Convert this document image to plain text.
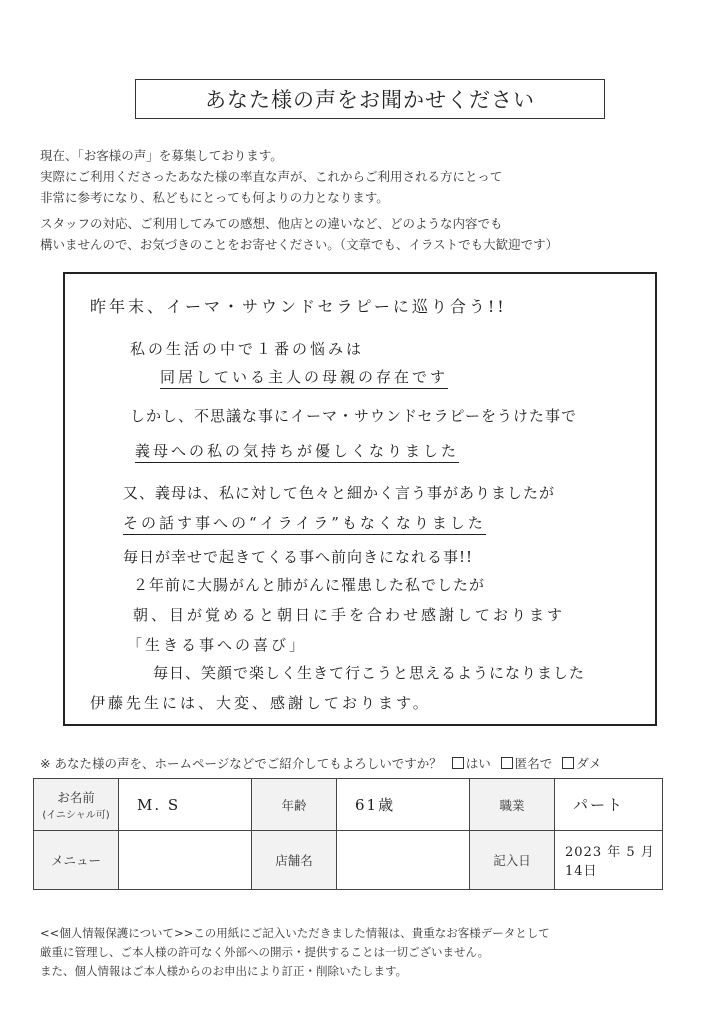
あなた様の声をお聞かせください

現在、「お客様の声」を募集しております。

実際にご利用くださったあなた様の率直な声が、これからご利用される方にとって

非常に参考になり、私どもにとっても何よりの力となります。

スタッフの対応、ご利用してみての感想、他店との違いなど、どのような内容でも

構いませんので、お気づきのことをお寄せください。（文章でも、イラストでも大歓迎です）

昨年末、イーマ・サウンドセラピーに巡り合う!!
私の生活の中で１番の悩みは
同居している主人の母親の存在です
しかし、不思議な事にイーマ・サウンドセラピーをうけた事で
義母への私の気持ちが優しくなりました
又、義母は、私に対して色々と細かく言う事がありましたが
その話す事への“イライラ”もなくなりました
毎日が幸せで起きてくる事へ前向きになれる事!!
２年前に大腸がんと肺がんに罹患した私でしたが
朝、目が覚めると朝日に手を合わせ感謝しております
「生きる事への喜び」
毎日、笑顔で楽しく生きて行こうと思えるようになりました
伊藤先生には、大変、感謝しております。
※ あなた様の声を、ホームページなどでご紹介してもよろしいですか？ はい 匿名で ダメ
お名前
(イニシャル可)	M. S	年齢	61歳	職業	パート
メニュー		店舗名		記入日	2023 年 5 月 14日

<<個人情報保護について>>この用紙にご記入いただきました情報は、貴重なお客様データとして

厳重に管理し、ご本人様の許可なく外部への開示・提供することは一切ございません。

また、個人情報はご本人様からのお申出により訂正・削除いたします。
